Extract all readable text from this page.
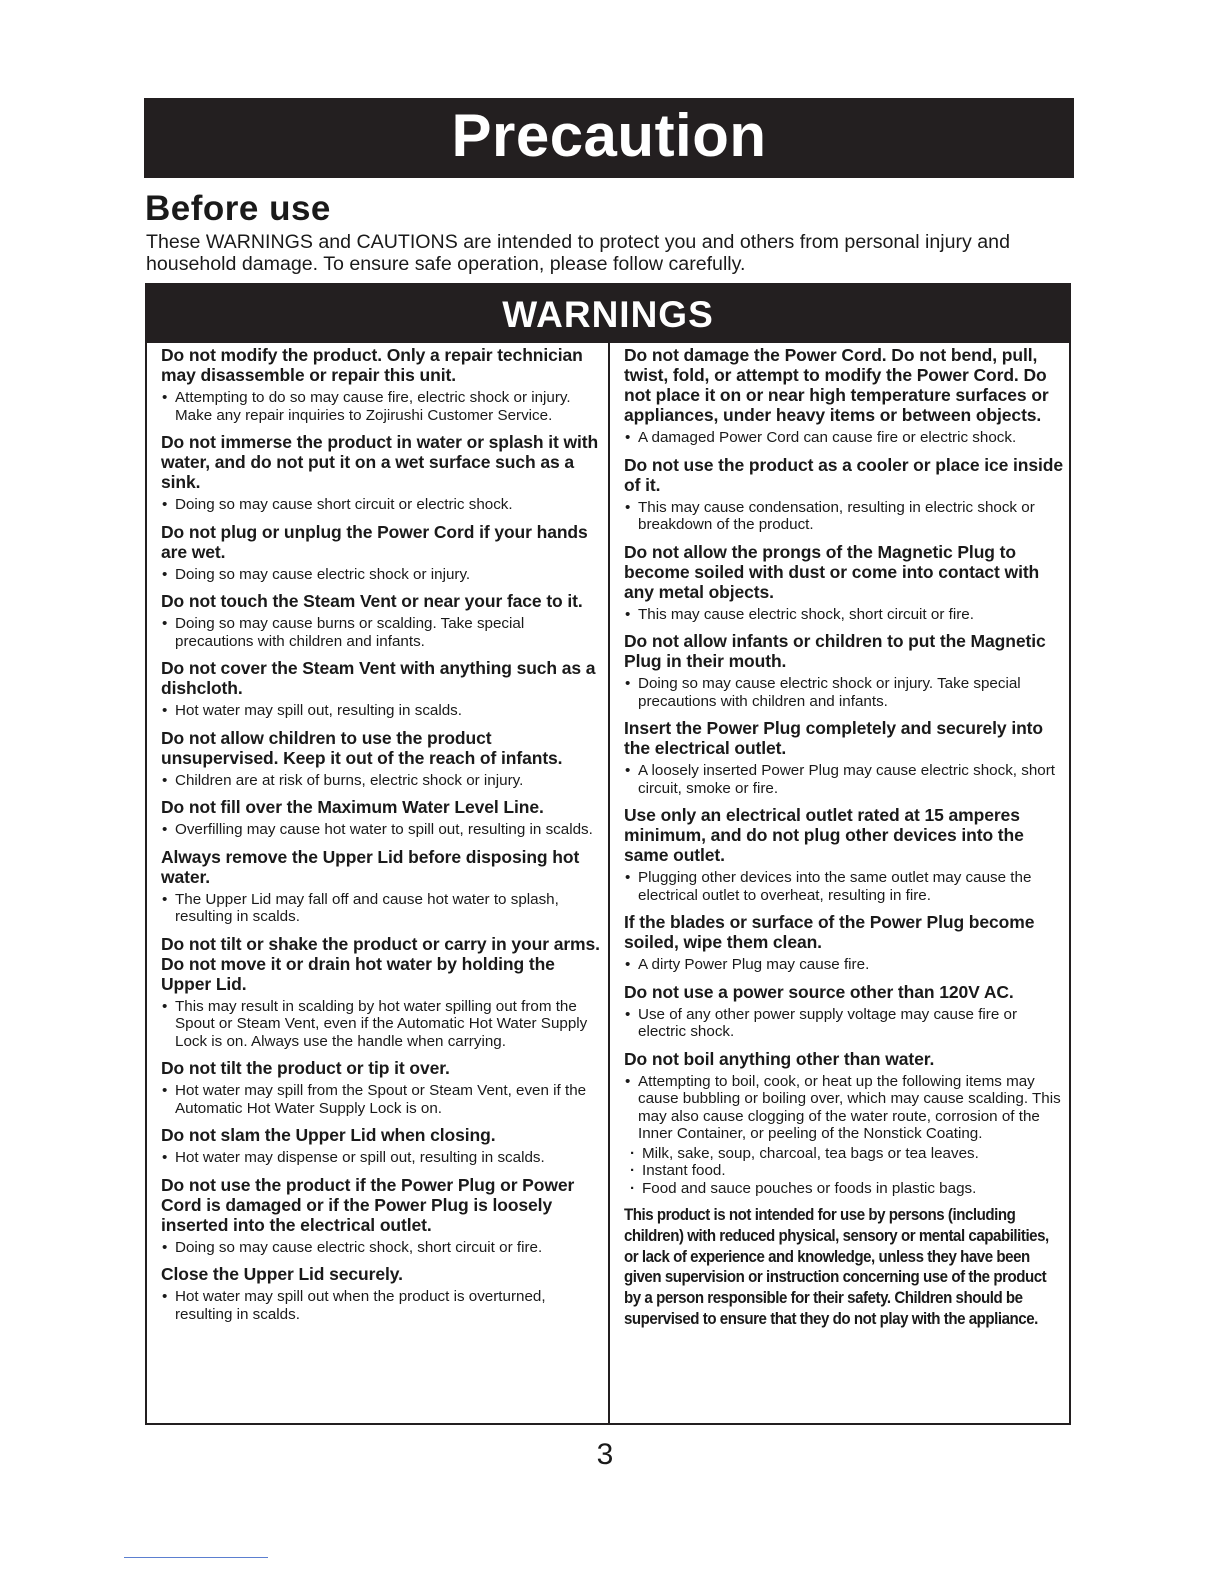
Precaution
Before use
These WARNINGS and CAUTIONS are intended to protect you and others from personal injury and household damage. To ensure safe operation, please follow carefully.
WARNINGS
Do not modify the product. Only a repair technician may disassemble or repair this unit.
• Attempting to do so may cause fire, electric shock or injury. Make any repair inquiries to Zojirushi Customer Service.
Do not immerse the product in water or splash it with water, and do not put it on a wet surface such as a sink.
• Doing so may cause short circuit or electric shock.
Do not plug or unplug the Power Cord if your hands are wet.
• Doing so may cause electric shock or injury.
Do not touch the Steam Vent or near your face to it.
• Doing so may cause burns or scalding. Take special precautions with children and infants.
Do not cover the Steam Vent with anything such as a dishcloth.
• Hot water may spill out, resulting in scalds.
Do not allow children to use the product unsupervised. Keep it out of the reach of infants.
• Children are at risk of burns, electric shock or injury.
Do not fill over the Maximum Water Level Line.
• Overfilling may cause hot water to spill out, resulting in scalds.
Always remove the Upper Lid before disposing hot water.
• The Upper Lid may fall off and cause hot water to splash, resulting in scalds.
Do not tilt or shake the product or carry in your arms. Do not move it or drain hot water by holding the Upper Lid.
• This may result in scalding by hot water spilling out from the Spout or Steam Vent, even if the Automatic Hot Water Supply Lock is on. Always use the handle when carrying.
Do not tilt the product or tip it over.
• Hot water may spill from the Spout or Steam Vent, even if the Automatic Hot Water Supply Lock is on.
Do not slam the Upper Lid when closing.
• Hot water may dispense or spill out, resulting in scalds.
Do not use the product if the Power Plug or Power Cord is damaged or if the Power Plug is loosely inserted into the electrical outlet.
• Doing so may cause electric shock, short circuit or fire.
Close the Upper Lid securely.
• Hot water may spill out when the product is overturned, resulting in scalds.
Do not damage the Power Cord. Do not bend, pull, twist, fold, or attempt to modify the Power Cord. Do not place it on or near high temperature surfaces or appliances, under heavy items or between objects.
• A damaged Power Cord can cause fire or electric shock.
Do not use the product as a cooler or place ice inside of it.
• This may cause condensation, resulting in electric shock or breakdown of the product.
Do not allow the prongs of the Magnetic Plug to become soiled with dust or come into contact with any metal objects.
• This may cause electric shock, short circuit or fire.
Do not allow infants or children to put the Magnetic Plug in their mouth.
• Doing so may cause electric shock or injury. Take special precautions with children and infants.
Insert the Power Plug completely and securely into the electrical outlet.
• A loosely inserted Power Plug may cause electric shock, short circuit, smoke or fire.
Use only an electrical outlet rated at 15 amperes minimum, and do not plug other devices into the same outlet.
• Plugging other devices into the same outlet may cause the electrical outlet to overheat, resulting in fire.
If the blades or surface of the Power Plug become soiled, wipe them clean.
• A dirty Power Plug may cause fire.
Do not use a power source other than 120V AC.
• Use of any other power supply voltage may cause fire or electric shock.
Do not boil anything other than water.
• Attempting to boil, cook, or heat up the following items may cause bubbling or boiling over, which may cause scalding. This may also cause clogging of the water route, corrosion of the Inner Container, or peeling of the Nonstick Coating.
· Milk, sake, soup, charcoal, tea bags or tea leaves.
· Instant food.
· Food and sauce pouches or foods in plastic bags.
This product is not intended for use by persons (including children) with reduced physical, sensory or mental capabilities, or lack of experience and knowledge, unless they have been given supervision or instruction concerning use of the product by a person responsible for their safety. Children should be supervised to ensure that they do not play with the appliance.
3
